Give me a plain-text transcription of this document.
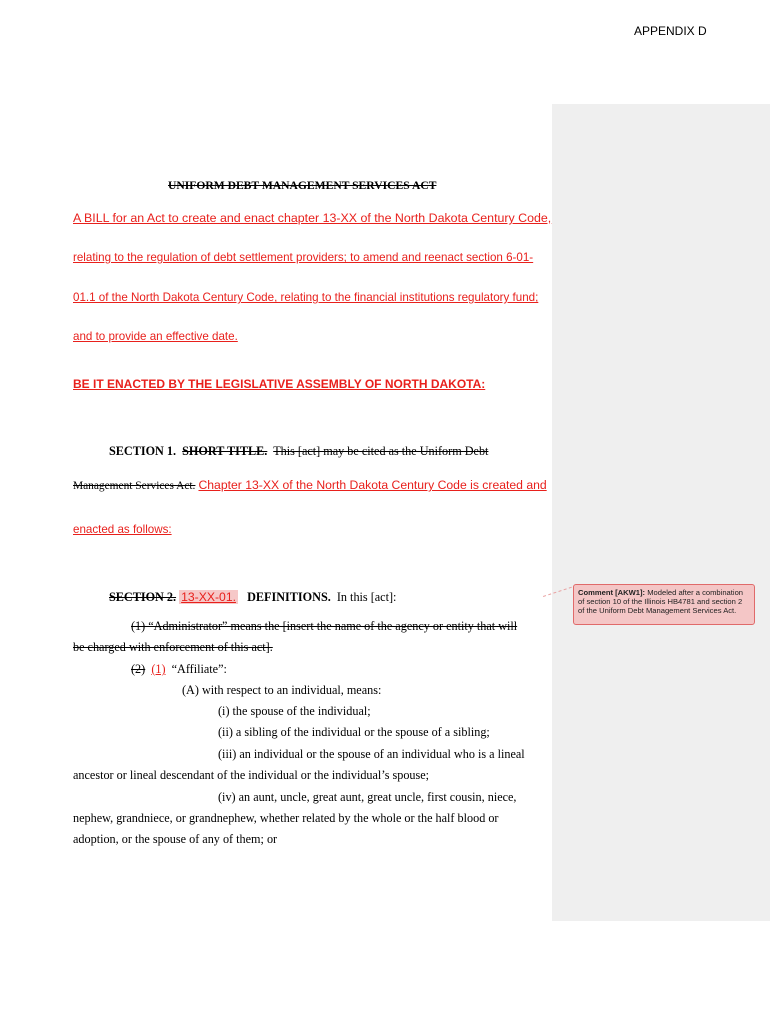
APPENDIX D
UNIFORM DEBT MANAGEMENT SERVICES ACT
A BILL for an Act to create and enact chapter 13-XX of the North Dakota Century Code,
relating to the regulation of debt settlement providers; to amend and reenact section 6-01-
01.1 of the North Dakota Century Code, relating to the financial institutions regulatory fund;
and to provide an effective date.
BE IT ENACTED BY THE LEGISLATIVE ASSEMBLY OF NORTH DAKOTA:
SECTION 1. SHORT TITLE. This [act] may be cited as the Uniform Debt
Management Services Act. Chapter 13-XX of the North Dakota Century Code is created and
enacted as follows:
SECTION 2. 13-XX-01. DEFINITIONS. In this [act]:
(1) “Administrator” means the [insert the name of the agency or entity that will
be charged with enforcement of this act].
(2) (1) “Affiliate”:
(A) with respect to an individual, means:
(i) the spouse of the individual;
(ii) a sibling of the individual or the spouse of a sibling;
(iii) an individual or the spouse of an individual who is a lineal
ancestor or lineal descendant of the individual or the individual’s spouse;
(iv) an aunt, uncle, great aunt, great uncle, first cousin, niece,
nephew, grandniece, or grandnephew, whether related by the whole or the half blood or
adoption, or the spouse of any of them; or
Comment [AKW1]: Modeled after a combination of section 10 of the Illinois HB4781 and section 2 of the Uniform Debt Management Services Act.
